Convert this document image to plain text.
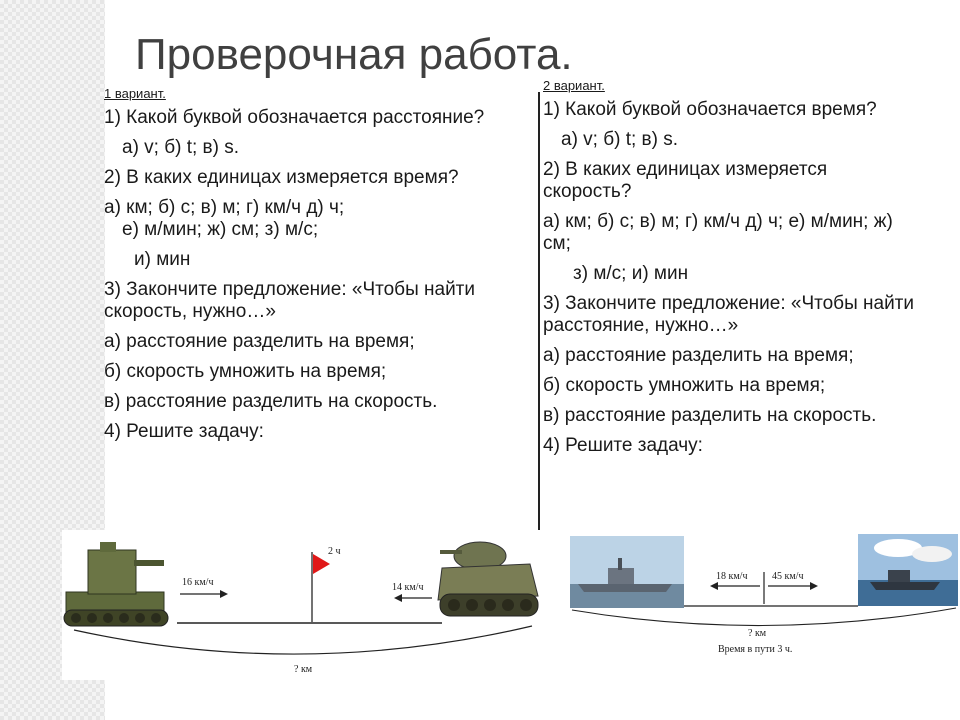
Проверочная работа.

1 вариант.

1) Какой буквой обозначается расстояние?

а) v; б) t; в) s.

2) В каких единицах измеряется время?

а) км; б) с; в) м; г) км/ч д) ч;
е) м/мин; ж) см; з) м/с;

и) мин

3) Закончите предложение: «Чтобы найти скорость, нужно…»

а) расстояние разделить на время;

б) скорость умножить на время;

в) расстояние разделить на скорость.

4) Решите задачу:

2 вариант.

1) Какой буквой обозначается время?

а) v; б) t; в) s.

2) В каких единицах измеряется скорость?

а) км; б) с; в) м; г) км/ч д) ч; е) м/мин; ж) см;

з) м/с; и) мин

3) Закончите предложение: «Чтобы найти расстояние, нужно…»

а) расстояние разделить на время;

б) скорость умножить на время;

в) расстояние разделить на скорость.

4) Решите задачу:

16 км/ч	14 км/ч
2 ч
? км
18 км/ч 45 км/ч
? км
Время в пути 3 ч.
